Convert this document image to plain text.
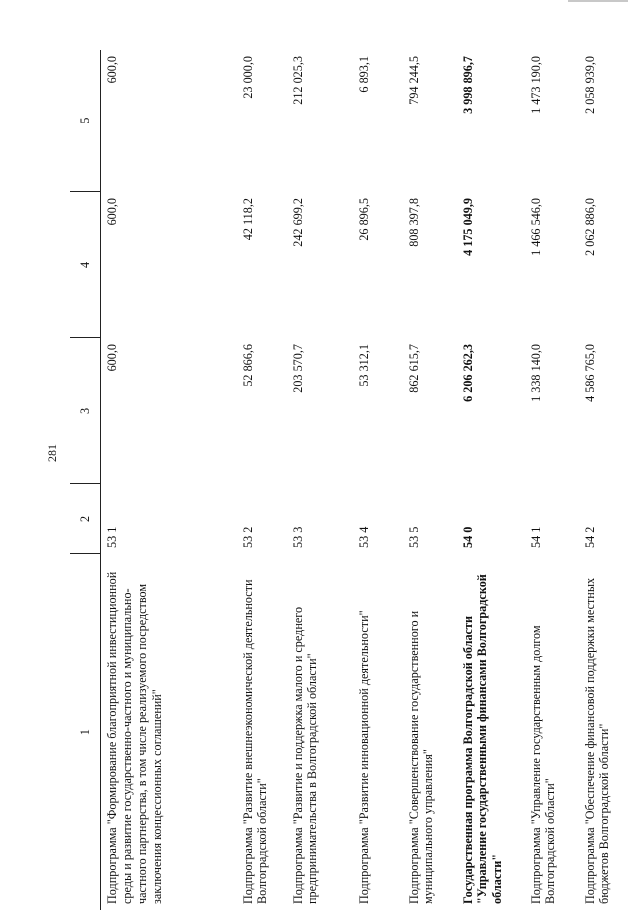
281
1	2	3	4	5
Подпрограмма "Формирование благоприятной инвестиционной среды и развитие государственно-частного и муниципально-частного партнерства, в том числе реализуемого посредством заключения концессионных соглашений"	53 1	600,0	600,0	600,0
Подпрограмма "Развитие внешнеэкономической деятельности Волгоградской области"	53 2	52 866,6	42 118,2	23 000,0
Подпрограмма "Развитие и поддержка малого и среднего предпринимательства в Волгоградской области"	53 3	203 570,7	242 699,2	212 025,3
Подпрограмма "Развитие инновационной деятельности"	53 4	53 312,1	26 896,5	6 893,1
Подпрограмма "Совершенствование государственного и муниципального управления"	53 5	862 615,7	808 397,8	794 244,5
Государственная программа Волгоградской области "Управление государственными финансами Волгоградской области"	54 0	6 206 262,3	4 175 049,9	3 998 896,7
Подпрограмма "Управление государственным долгом Волгоградской области"	54 1	1 338 140,0	1 466 546,0	1 473 190,0
Подпрограмма "Обеспечение финансовой поддержки местных бюджетов Волгоградской области"	54 2	4 586 765,0	2 062 886,0	2 058 939,0
